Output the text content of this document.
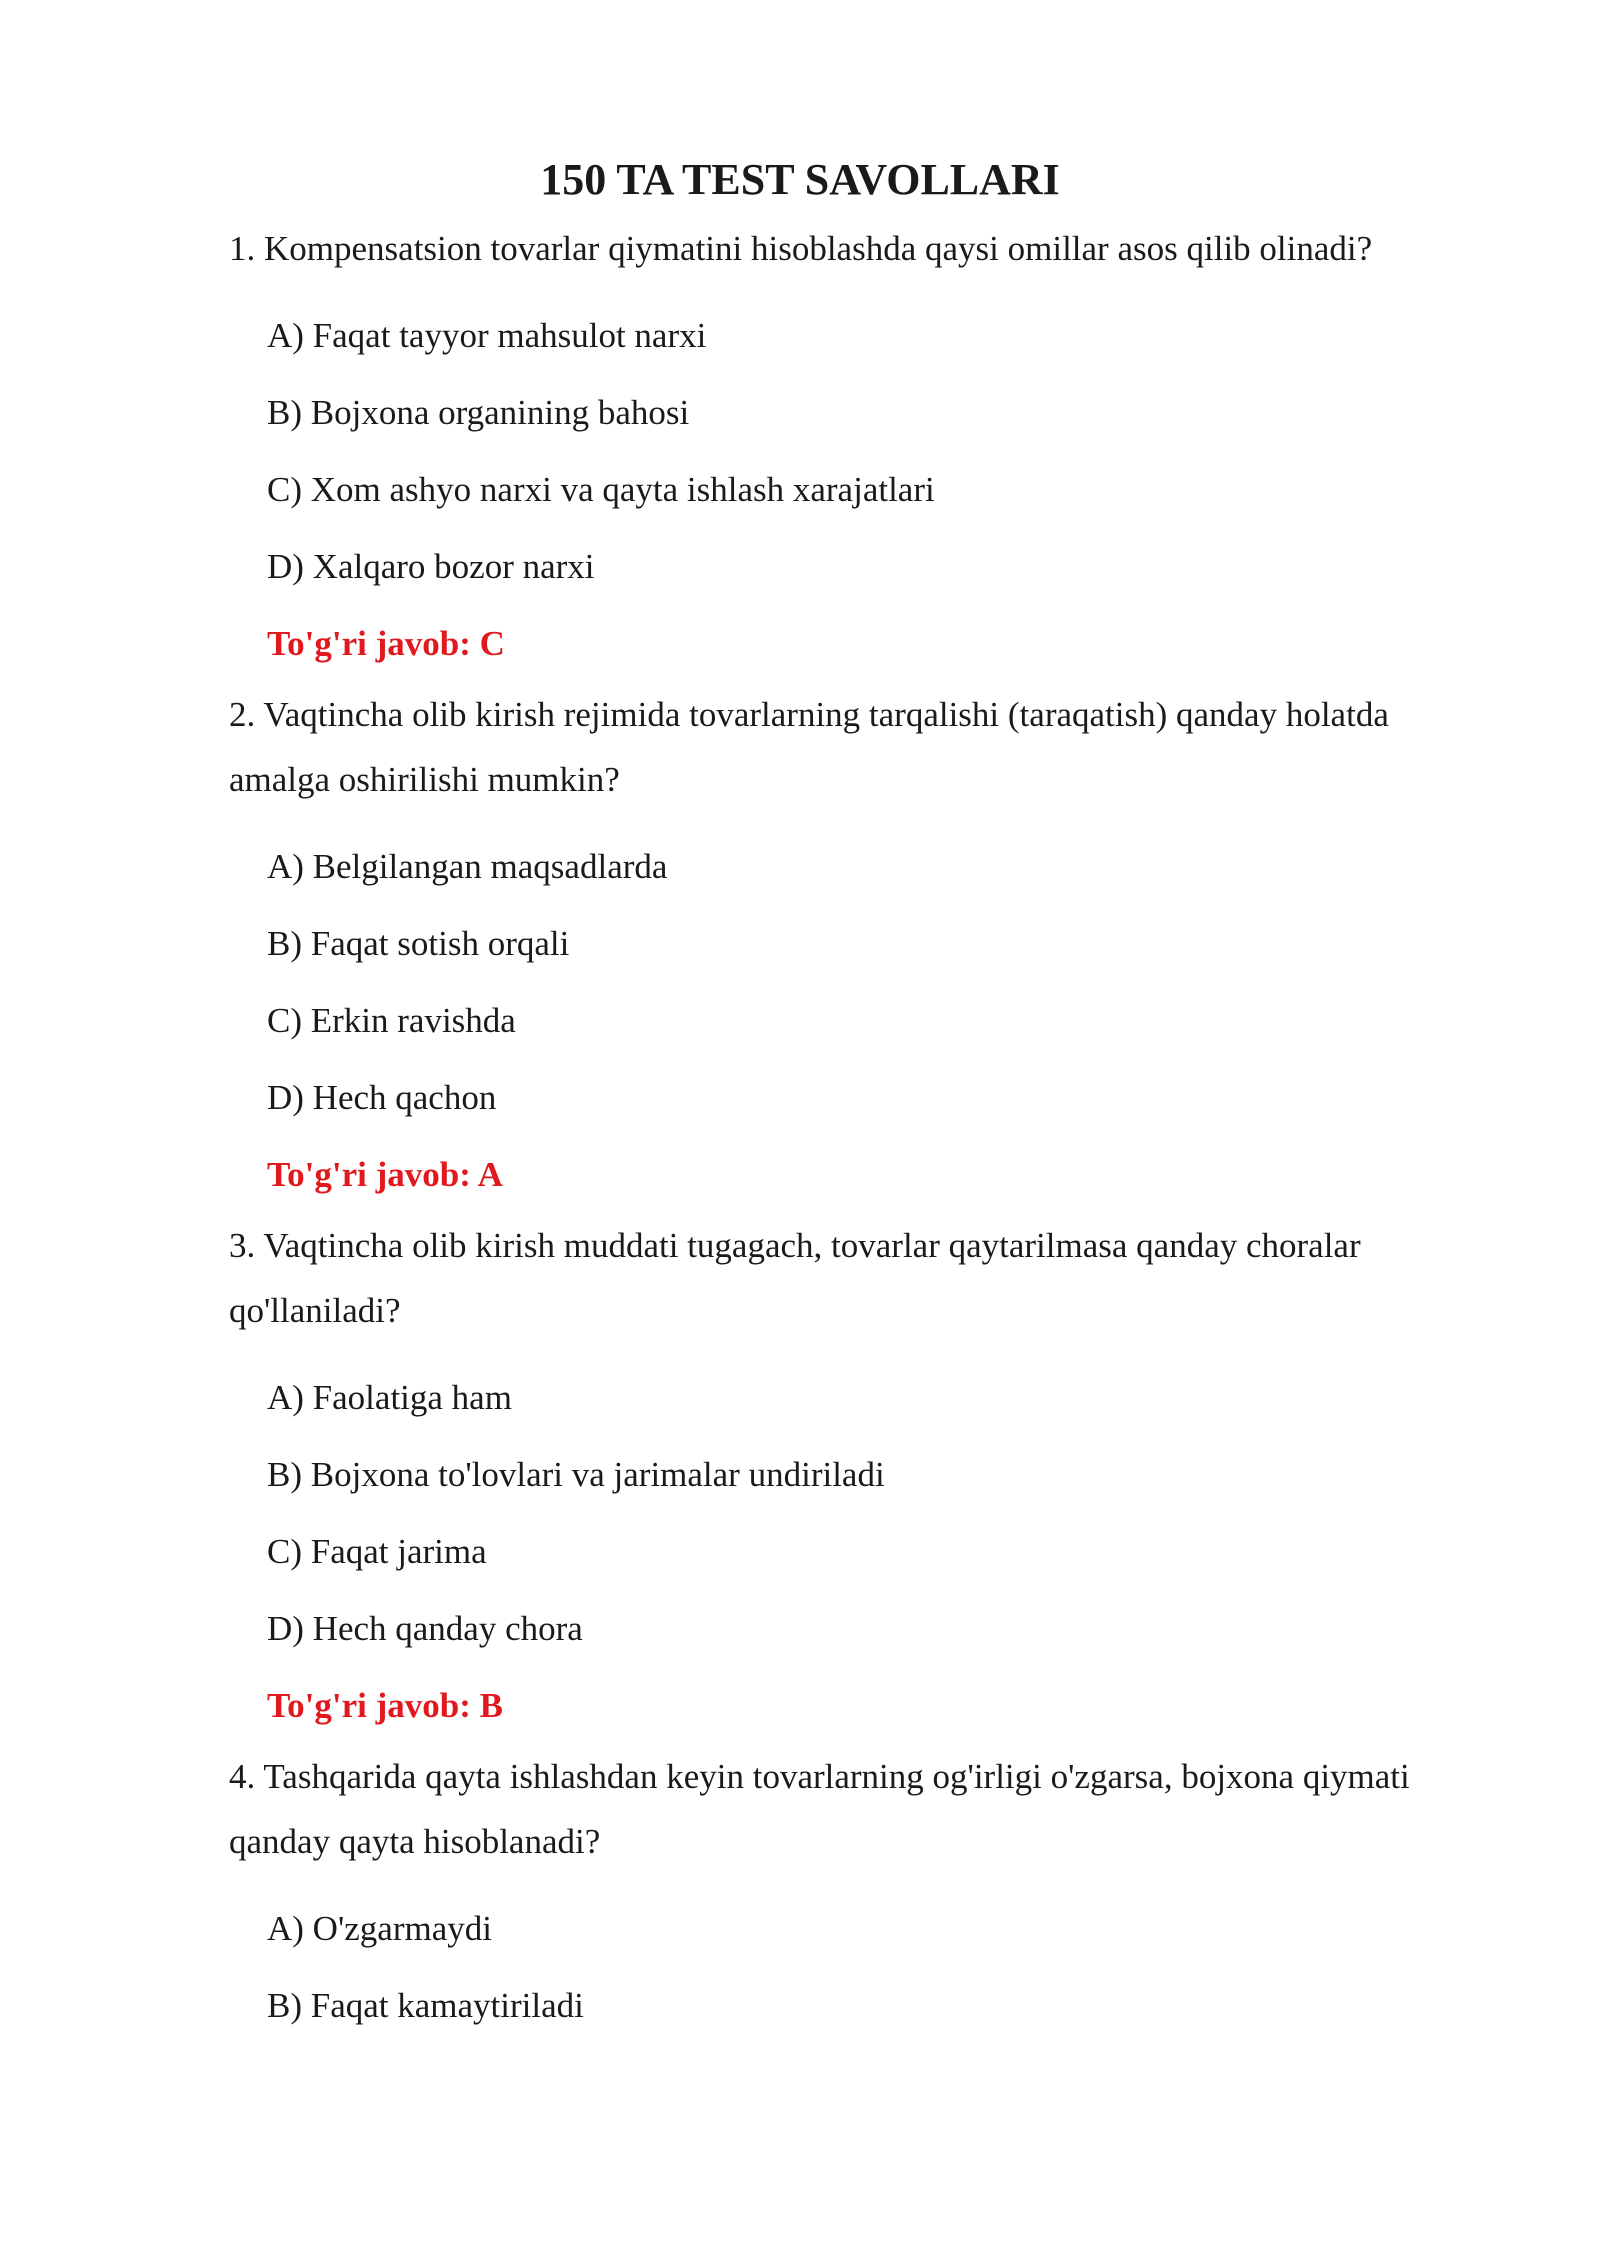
150 TA TEST SAVOLLARI

1. Kompensatsion tovarlar qiymatini hisoblashda qaysi omillar asos qilib olinadi?

A) Faqat tayyor mahsulot narxi
B) Bojxona organining bahosi
C) Xom ashyo narxi va qayta ishlash xarajatlari
D) Xalqaro bozor narxi
To'g'ri javob: C

2. Vaqtincha olib kirish rejimida tovarlarning tarqalishi (taraqatish) qanday holatda amalga oshirilishi mumkin?

A) Belgilangan maqsadlarda
B) Faqat sotish orqali
C) Erkin ravishda
D) Hech qachon
To'g'ri javob: A

3. Vaqtincha olib kirish muddati tugagach, tovarlar qaytarilmasa qanday choralar qo'llaniladi?

A) Faolatiga ham
B) Bojxona to'lovlari va jarimalar undiriladi
C) Faqat jarima
D) Hech qanday chora
To'g'ri javob: B

4. Tashqarida qayta ishlashdan keyin tovarlarning og'irligi o'zgarsa, bojxona qiymati qanday qayta hisoblanadi?

A) O'zgarmaydi
B) Faqat kamaytiriladi
